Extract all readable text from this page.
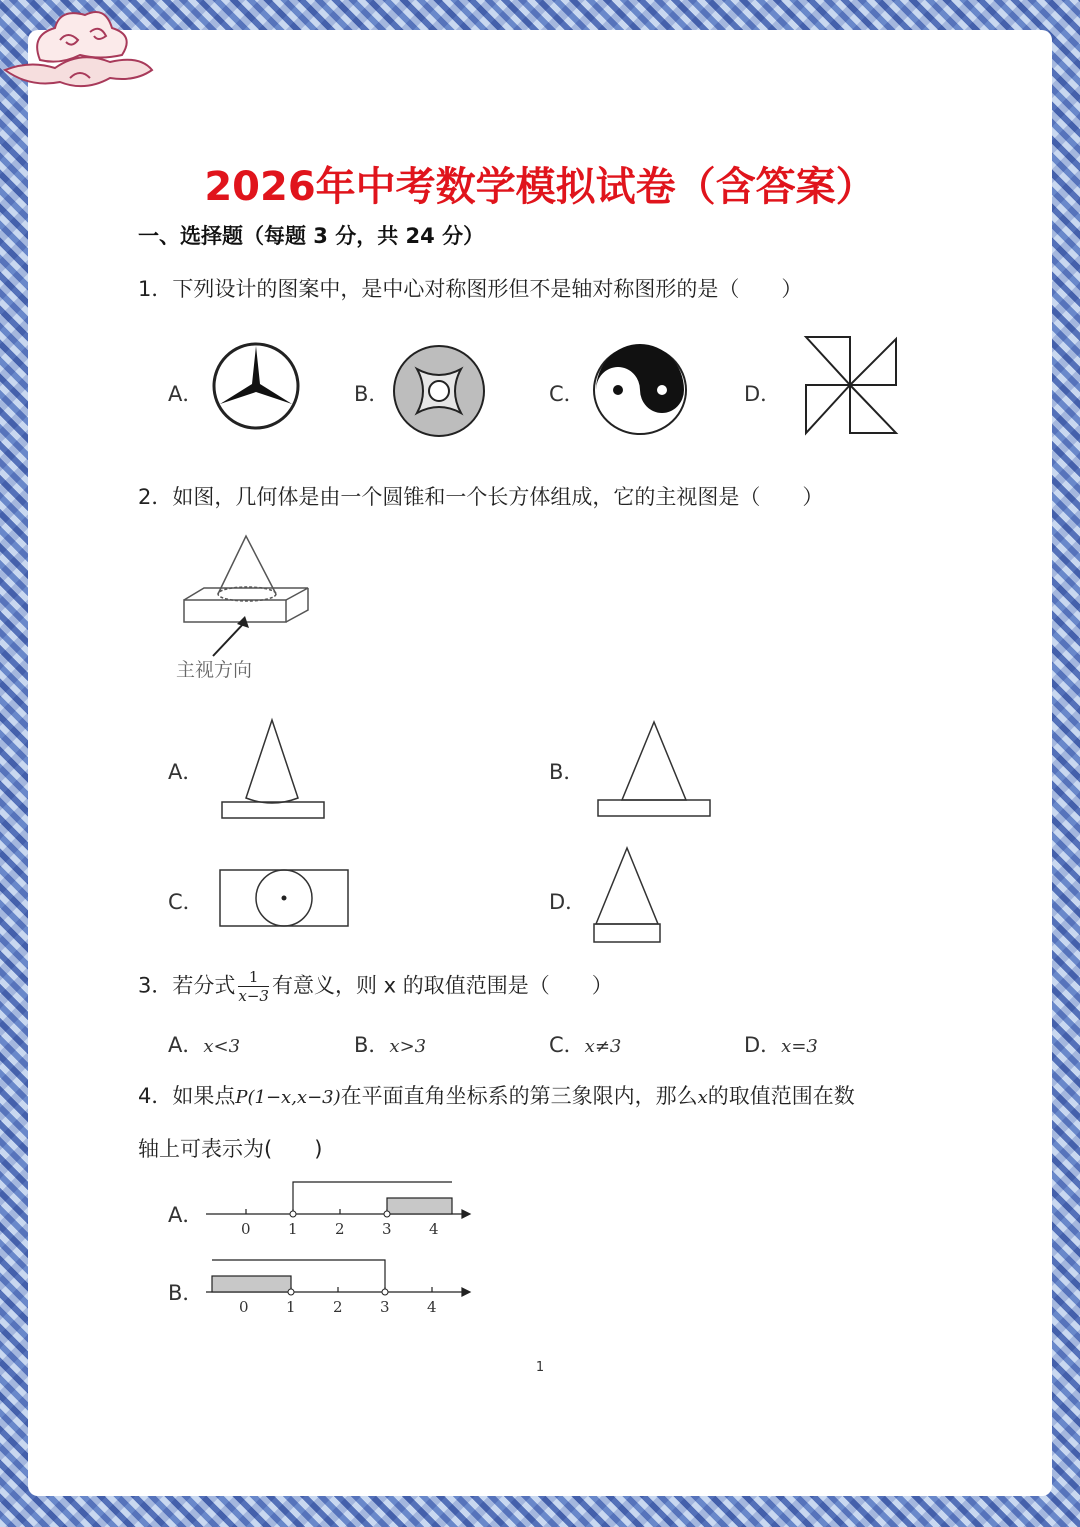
2026年中考数学模拟试卷（含答案）
一、选择题（每题 3 分，共 24 分）
1．下列设计的图案中，是中心对称图形但不是轴对称图形的是（　　）
A．	B．	C．	D．
2．如图，几何体是由一个圆锥和一个长方体组成，它的主视图是（　　）
主视方向
A．	B．
C．	D．
3．若分式 $\frac{1}{x-3}$ 有意义，则 x 的取值范围是（　　）
A．x<3	B．x>3	C．x≠3	D．x=3
4．如果点P(1−x,x−3)在平面直角坐标系的第三象限内，那么x的取值范围在数
轴上可表示为(　　)
A．
0 1 2 3 4
B．
0 1 2 3 4
1
